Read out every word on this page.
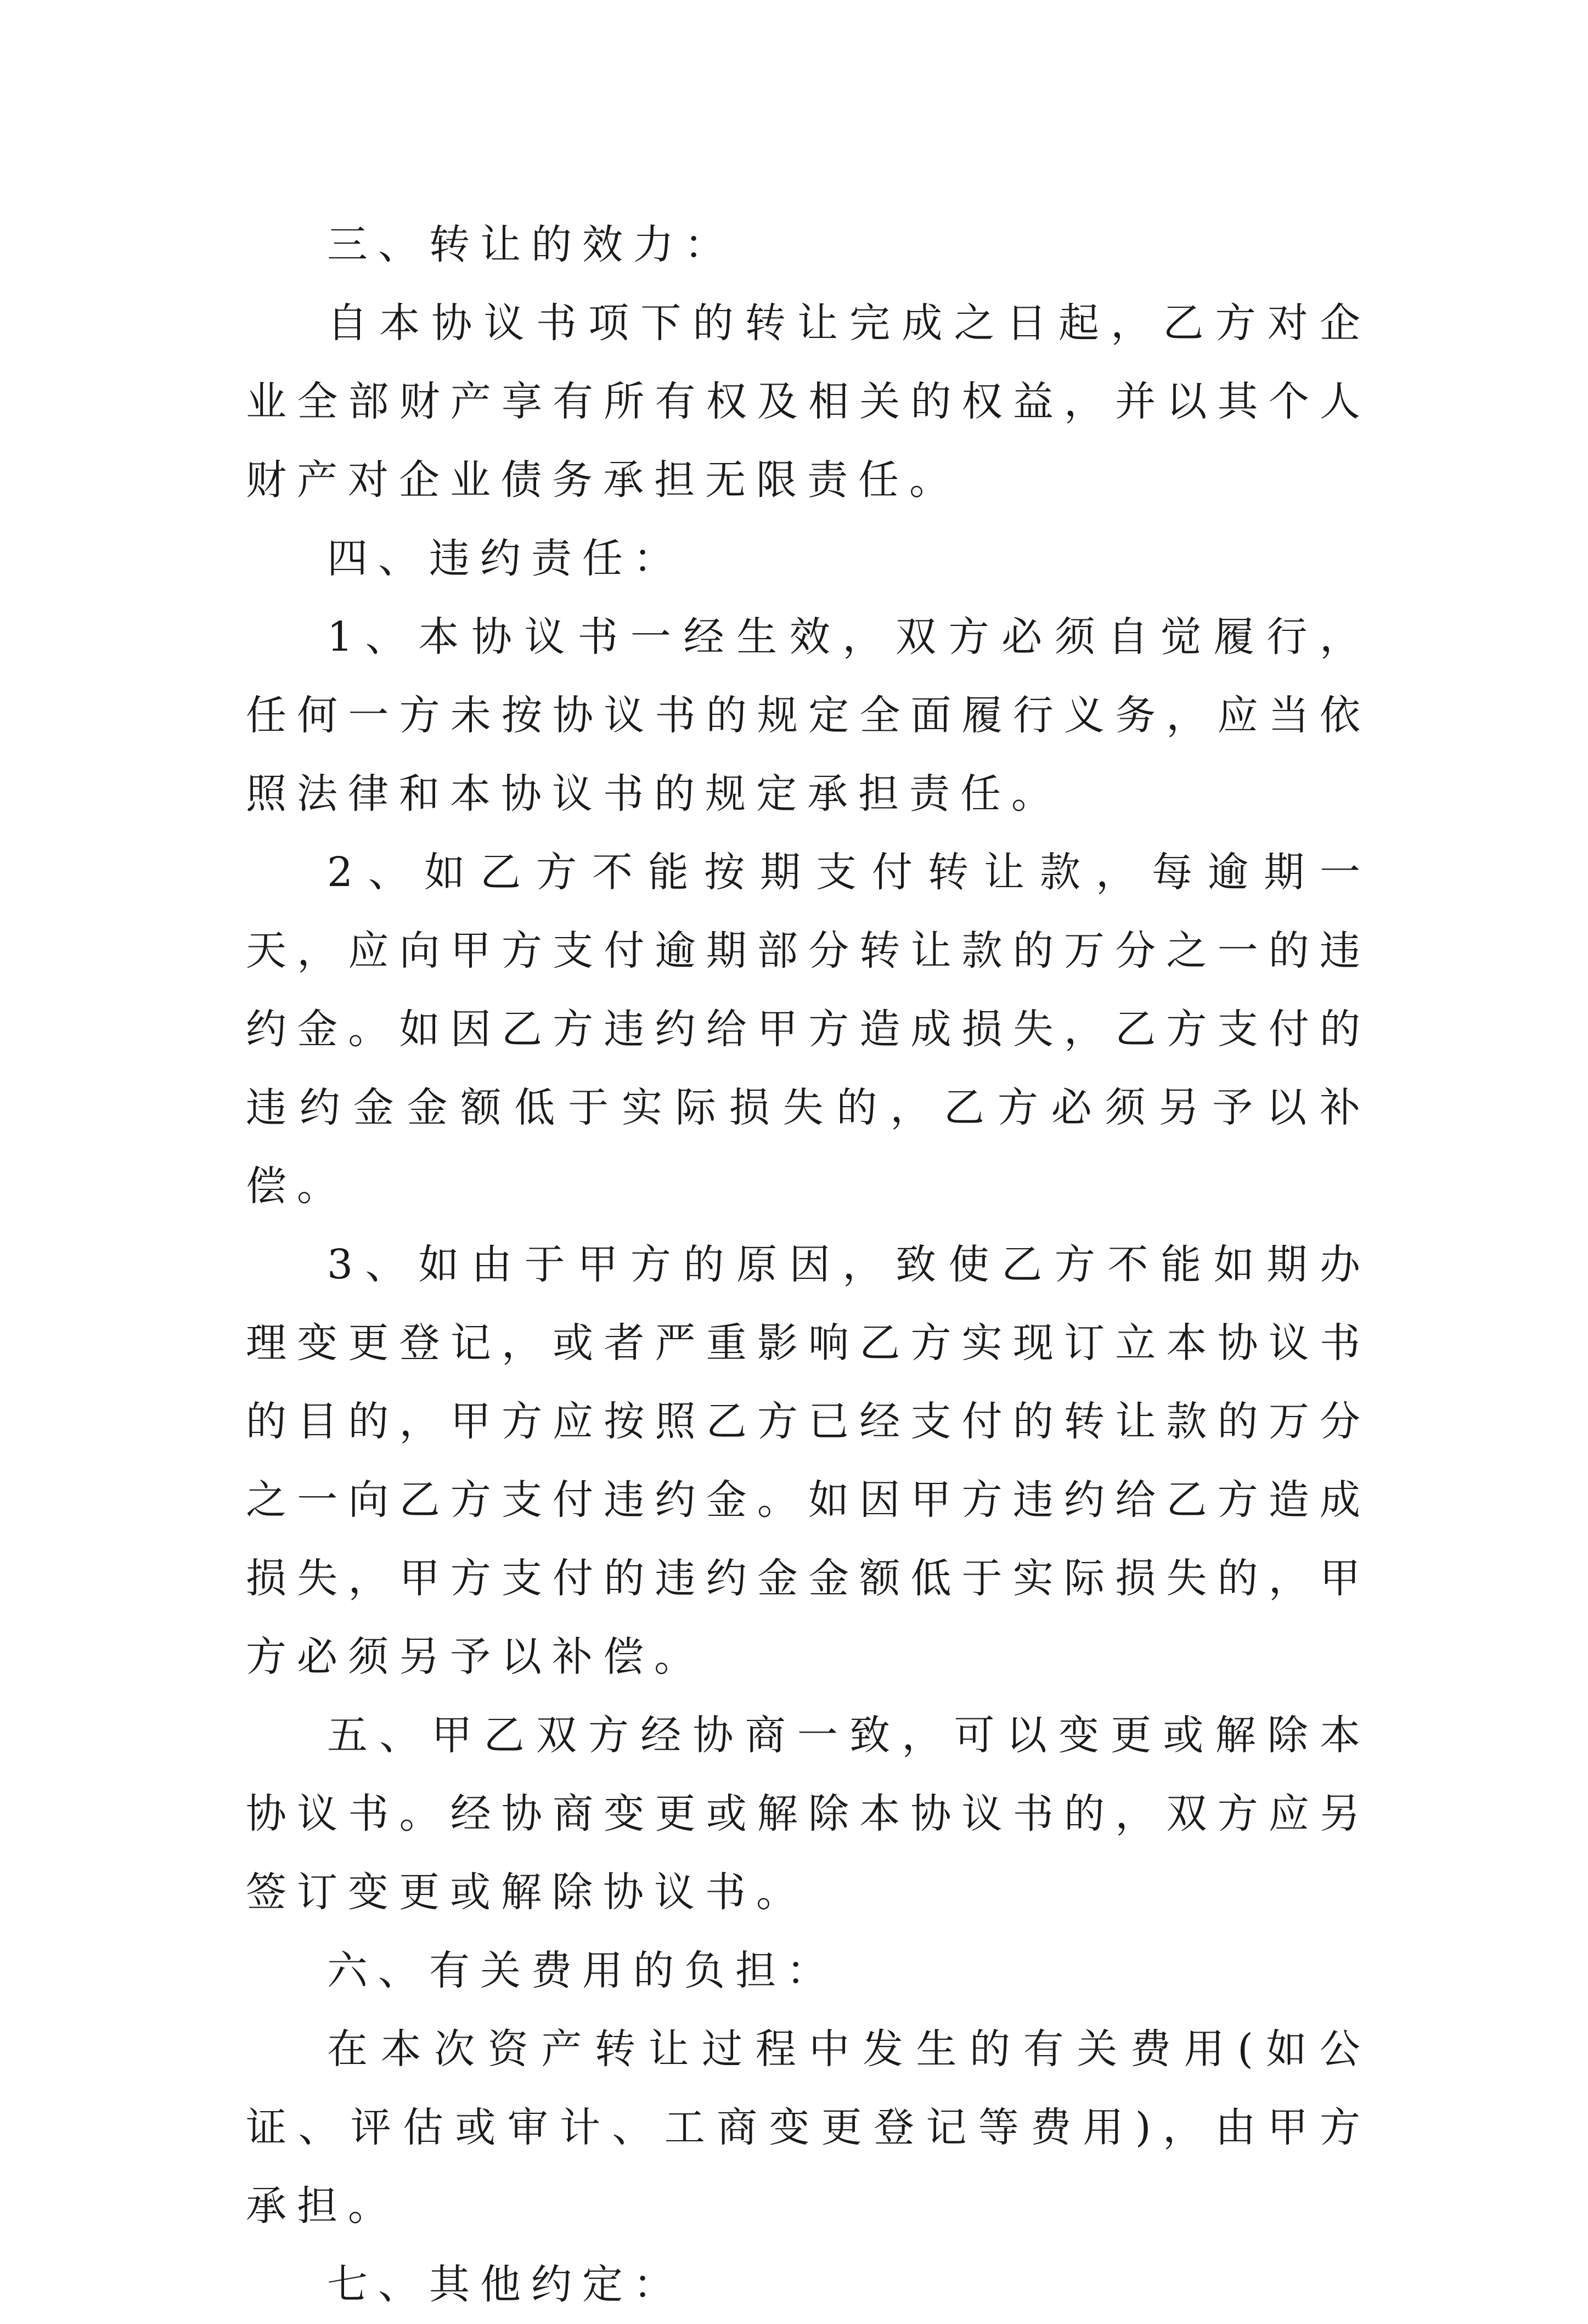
三、转让的效力：

自本协议书项下的转让完成之日起，乙方对企业全部财产享有所有权及相关的权益，并以其个人财产对企业债务承担无限责任。

四、违约责任：

1、本协议书一经生效，双方必须自觉履行，任何一方未按协议书的规定全面履行义务，应当依照法律和本协议书的规定承担责任。

2、如乙方不能按期支付转让款，每逾期一天，应向甲方支付逾期部分转让款的万分之一的违约金。如因乙方违约给甲方造成损失，乙方支付的违约金金额低于实际损失的，乙方必须另予以补偿。

3、如由于甲方的原因，致使乙方不能如期办理变更登记，或者严重影响乙方实现订立本协议书的目的，甲方应按照乙方已经支付的转让款的万分之一向乙方支付违约金。如因甲方违约给乙方造成损失，甲方支付的违约金金额低于实际损失的，甲方必须另予以补偿。

五、甲乙双方经协商一致，可以变更或解除本协议书。经协商变更或解除本协议书的，双方应另签订变更或解除协议书。

六、有关费用的负担：

在本次资产转让过程中发生的有关费用(如公证、评估或审计、工商变更登记等费用)，由甲方承担。

七、其他约定：
